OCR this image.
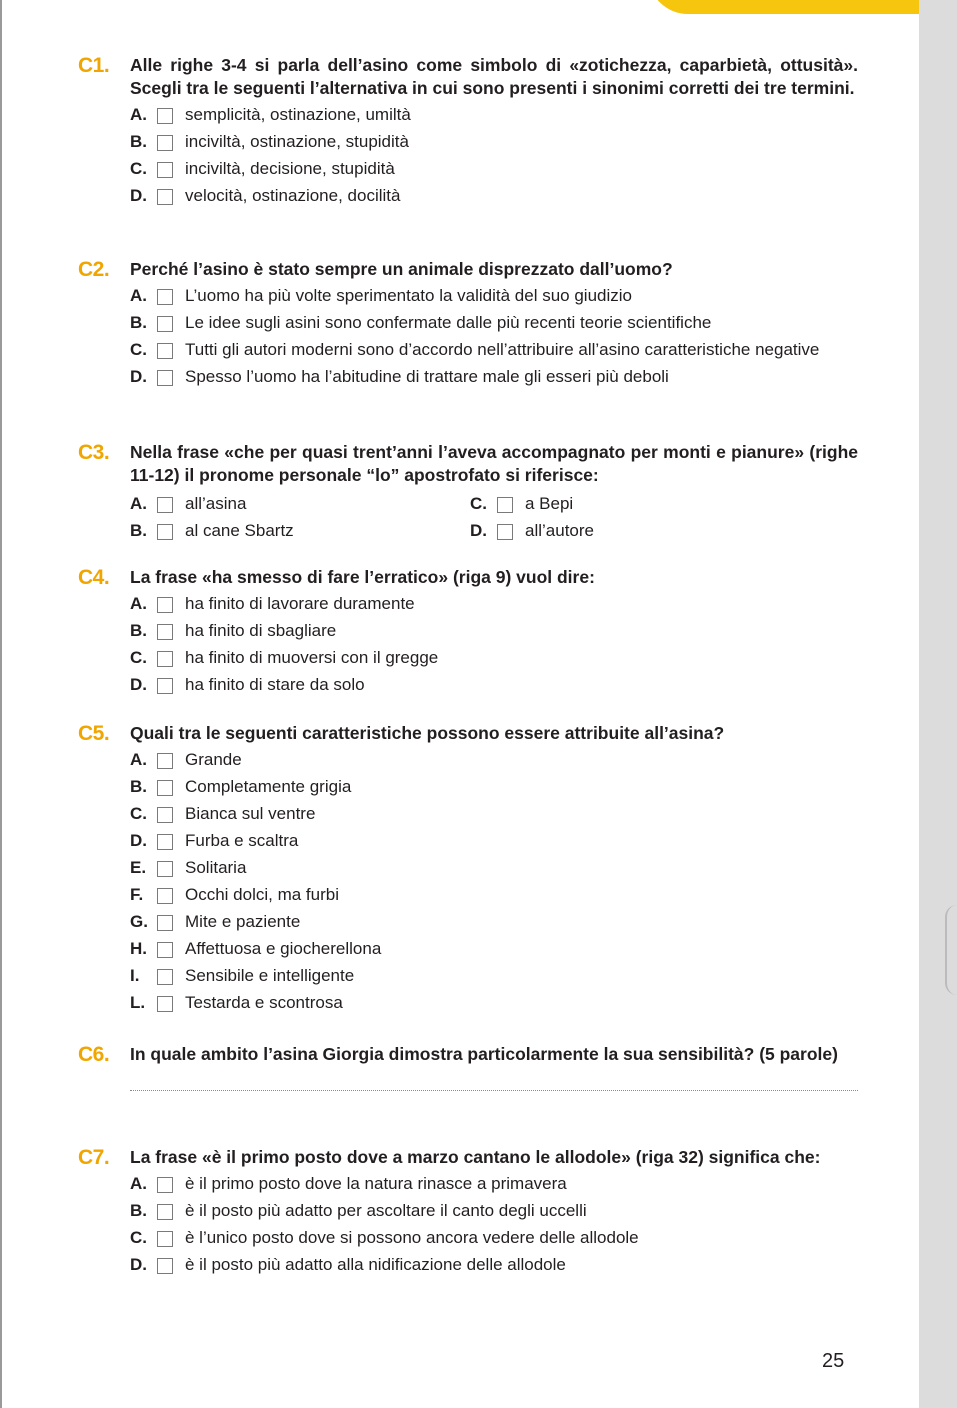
C1. Alle righe 3-4 si parla dell’asino come simbolo di «zotichezza, caparbietà, ottusità». Scegli tra le seguenti l’alternativa in cui sono presenti i sinonimi corretti dei tre termini.
A.	semplicità, ostinazione, umiltà
B.	inciviltà, ostinazione, stupidità
C.	inciviltà, decisione, stupidità
D.	velocità, ostinazione, docilità
C2. Perché l’asino è stato sempre un animale disprezzato dall’uomo?
A.	L’uomo ha più volte sperimentato la validità del suo giudizio
B.	Le idee sugli asini sono confermate dalle più recenti teorie scientifiche
C.	Tutti gli autori moderni sono d’accordo nell’attribuire all’asino caratteristiche negative
D.	Spesso l’uomo ha l’abitudine di trattare male gli esseri più deboli
C3. Nella frase «che per quasi trent’anni l’aveva accompagnato per monti e pianure» (righe 11-12) il pronome personale “lo” apostrofato si riferisce:
A.	all’asina	C.	a Bepi
B.	al cane Sbartz	D.	all’autore
C4. La frase «ha smesso di fare l’erratico» (riga 9) vuol dire:
A.	ha finito di lavorare duramente
B.	ha finito di sbagliare
C.	ha finito di muoversi con il gregge
D.	ha finito di stare da solo
C5. Quali tra le seguenti caratteristiche possono essere attribuite all’asina?
A.	Grande
B.	Completamente grigia
C.	Bianca sul ventre
D.	Furba e scaltra
E.	Solitaria
F.	Occhi dolci, ma furbi
G.	Mite e paziente
H.	Affettuosa e giocherellona
I.	Sensibile e intelligente
L.	Testarda e scontrosa
C6. In quale ambito l’asina Giorgia dimostra particolarmente la sua sensibilità? (5 parole)
C7. La frase «è il primo posto dove a marzo cantano le allodole» (riga 32) significa che:
A.	è il primo posto dove la natura rinasce a primavera
B.	è il posto più adatto per ascoltare il canto degli uccelli
C.	è l’unico posto dove si possono ancora vedere delle allodole
D.	è il posto più adatto alla nidificazione delle allodole
25
